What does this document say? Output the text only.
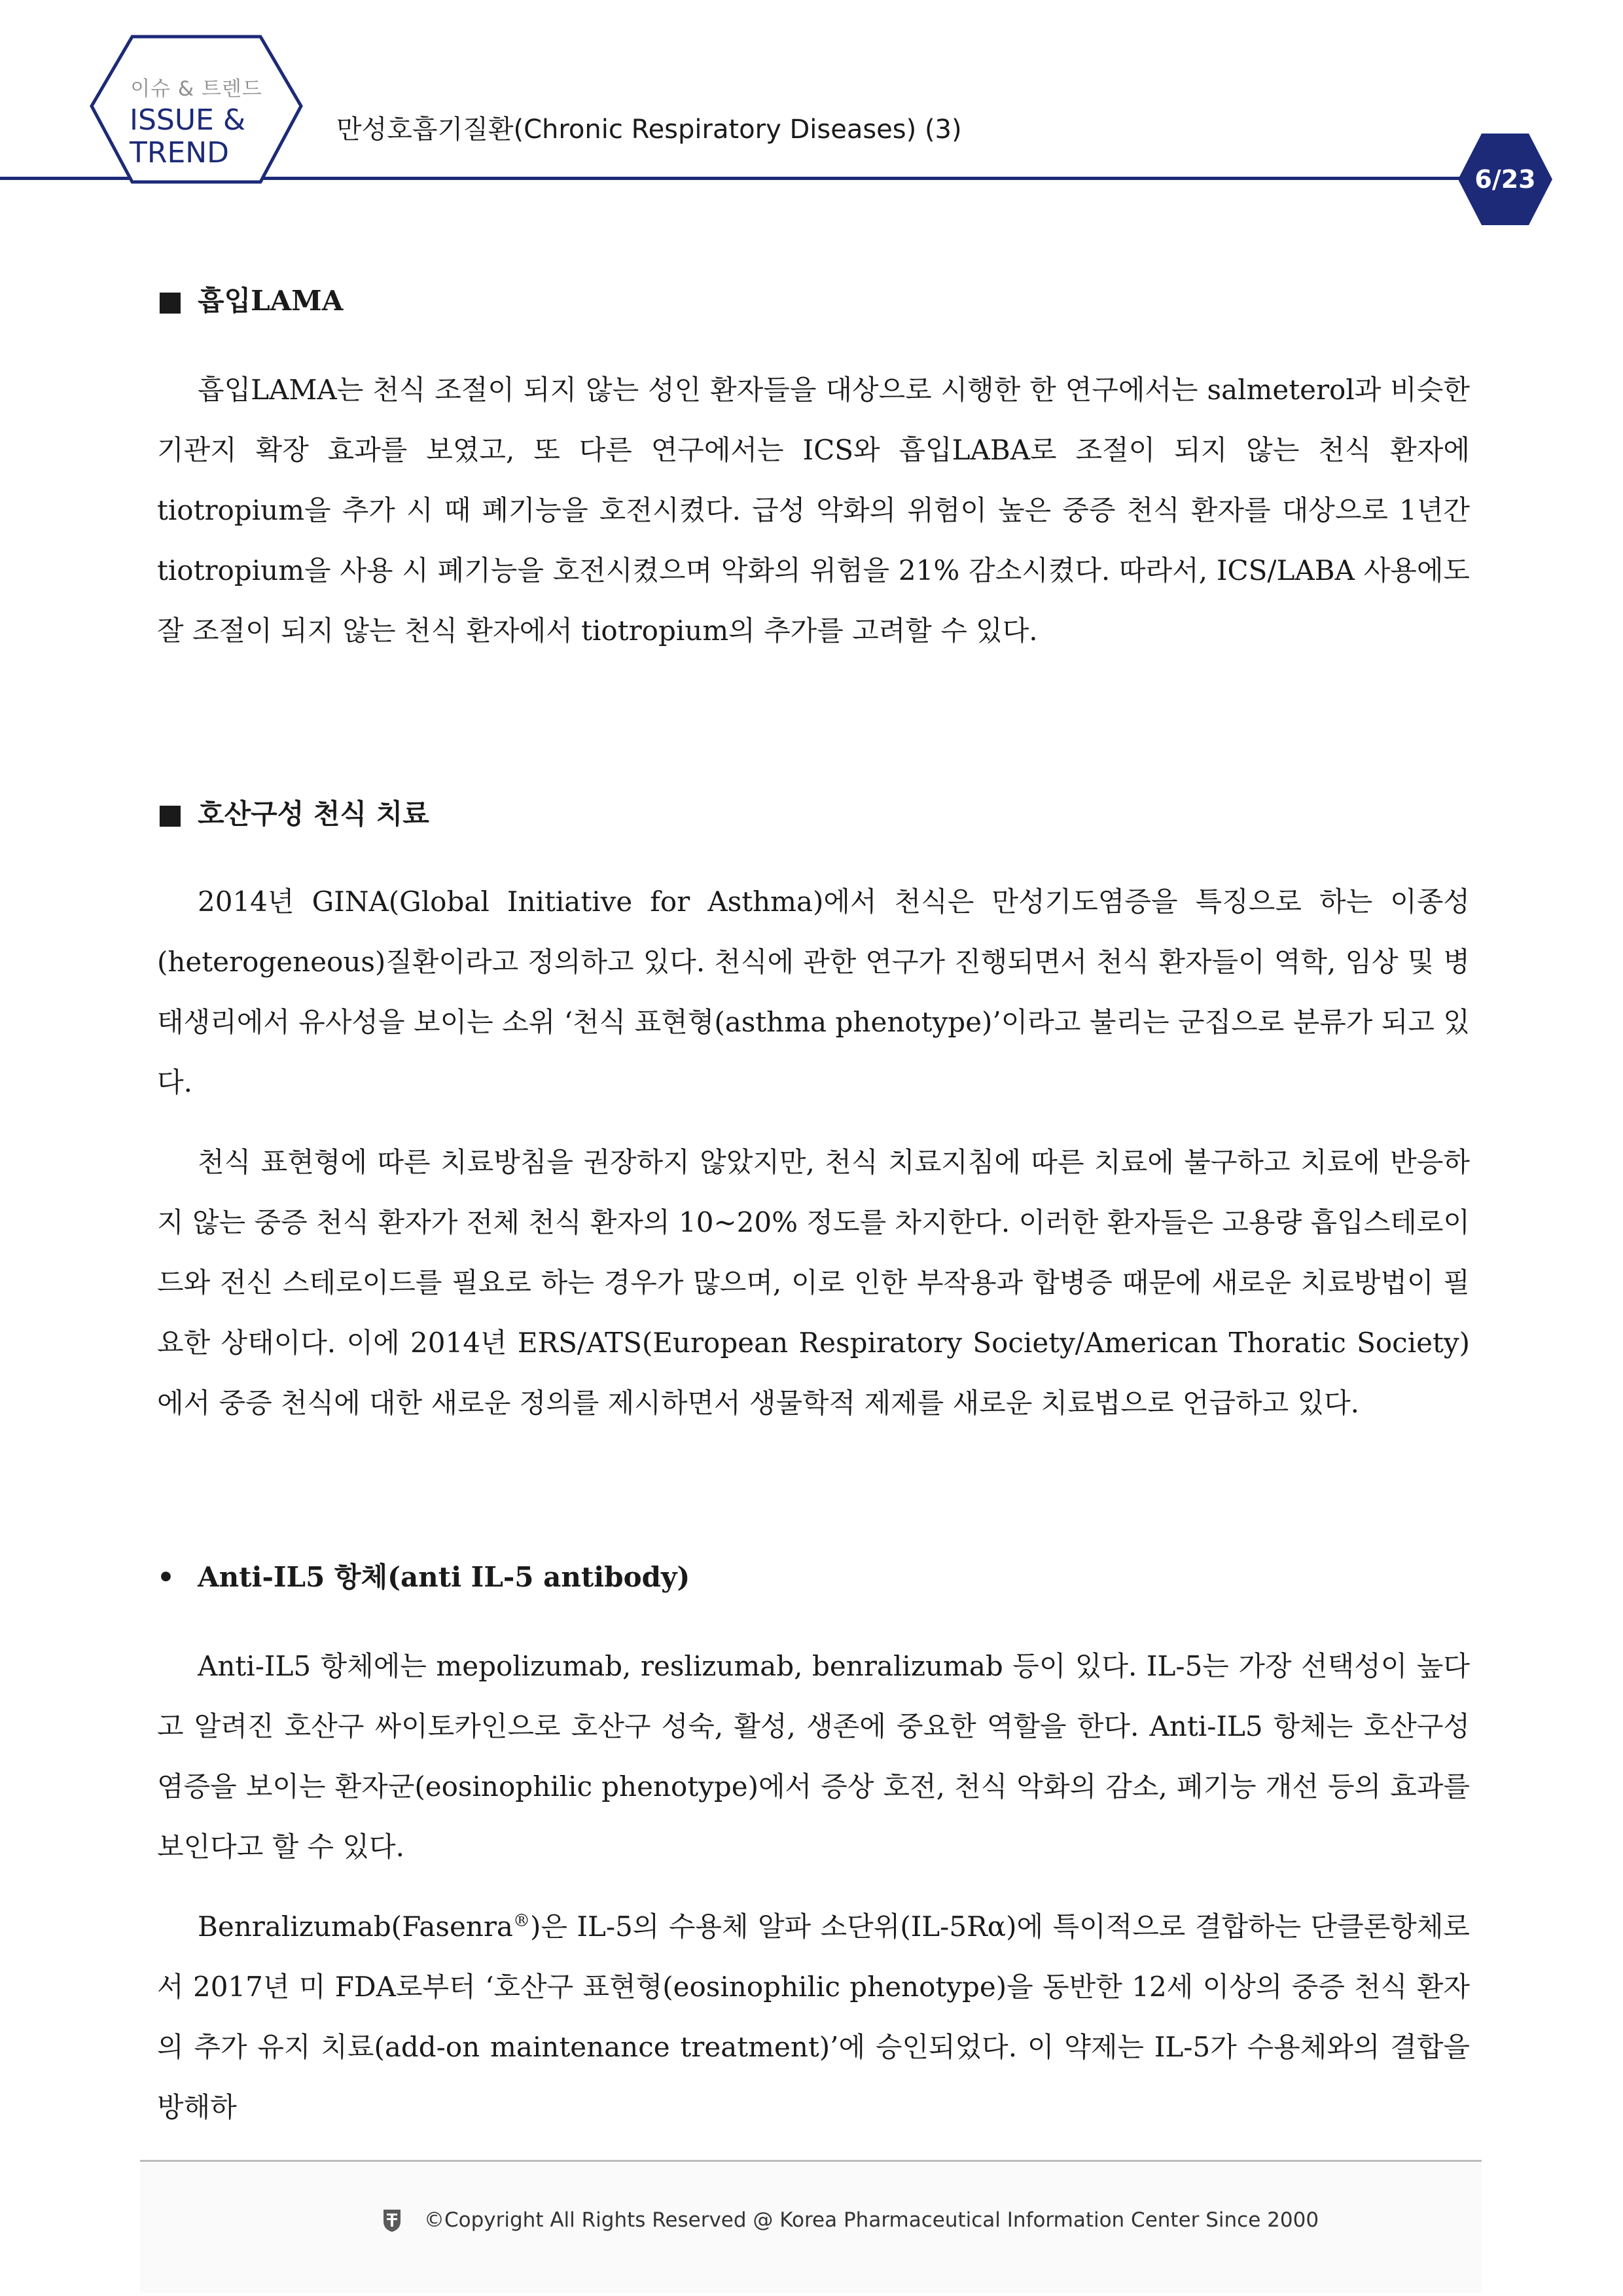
이슈 & 트렌드
ISSUE &
TREND
만성호흡기질환(Chronic Respiratory Diseases) (3)
6/23
■ 흡입LAMA

흡입LAMA는 천식 조절이 되지 않는 성인 환자들을 대상으로 시행한 한 연구에서는 salmeterol과 비슷한 기관지 확장 효과를 보였고, 또 다른 연구에서는 ICS와 흡입LABA로 조절이 되지 않는 천식 환자에 tiotropium을 추가 시 때 폐기능을 호전시켰다. 급성 악화의 위험이 높은 중증 천식 환자를 대상으로 1년간 tiotropium을 사용 시 폐기능을 호전시켰으며 악화의 위험을 21% 감소시켰다. 따라서, ICS/LABA 사용에도 잘 조절이 되지 않는 천식 환자에서 tiotropium의 추가를 고려할 수 있다.

■ 호산구성 천식 치료

2014년 GINA(Global Initiative for Asthma)에서 천식은 만성기도염증을 특징으로 하는 이종성(heterogeneous)질환이라고 정의하고 있다. 천식에 관한 연구가 진행되면서 천식 환자들이 역학, 임상 및 병태생리에서 유사성을 보이는 소위 ‘천식 표현형(asthma phenotype)’이라고 불리는 군집으로 분류가 되고 있다.

천식 표현형에 따른 치료방침을 권장하지 않았지만, 천식 치료지침에 따른 치료에 불구하고 치료에 반응하지 않는 중증 천식 환자가 전체 천식 환자의 10~20% 정도를 차지한다. 이러한 환자들은 고용량 흡입스테로이드와 전신 스테로이드를 필요로 하는 경우가 많으며, 이로 인한 부작용과 합병증 때문에 새로운 치료방법이 필요한 상태이다. 이에 2014년 ERS/ATS(European Respiratory Society/American Thoratic Society)에서 중증 천식에 대한 새로운 정의를 제시하면서 생물학적 제제를 새로운 치료법으로 언급하고 있다.

• Anti-IL5 항체(anti IL-5 antibody)

Anti-IL5 항체에는 mepolizumab, reslizumab, benralizumab 등이 있다. IL-5는 가장 선택성이 높다고 알려진 호산구 싸이토카인으로 호산구 성숙, 활성, 생존에 중요한 역할을 한다. Anti-IL5 항체는 호산구성 염증을 보이는 환자군(eosinophilic phenotype)에서 증상 호전, 천식 악화의 감소, 폐기능 개선 등의 효과를 보인다고 할 수 있다.

Benralizumab(Fasenra®)은 IL-5의 수용체 알파 소단위(IL-5Rα)에 특이적으로 결합하는 단클론항체로서 2017년 미 FDA로부터 ‘호산구 표현형(eosinophilic phenotype)을 동반한 12세 이상의 중증 천식 환자의 추가 유지 치료(add-on maintenance treatment)’에 승인되었다. 이 약제는 IL-5가 수용체와의 결합을 방해하

©Copyright All Rights Reserved @ Korea Pharmaceutical Information Center Since 2000
